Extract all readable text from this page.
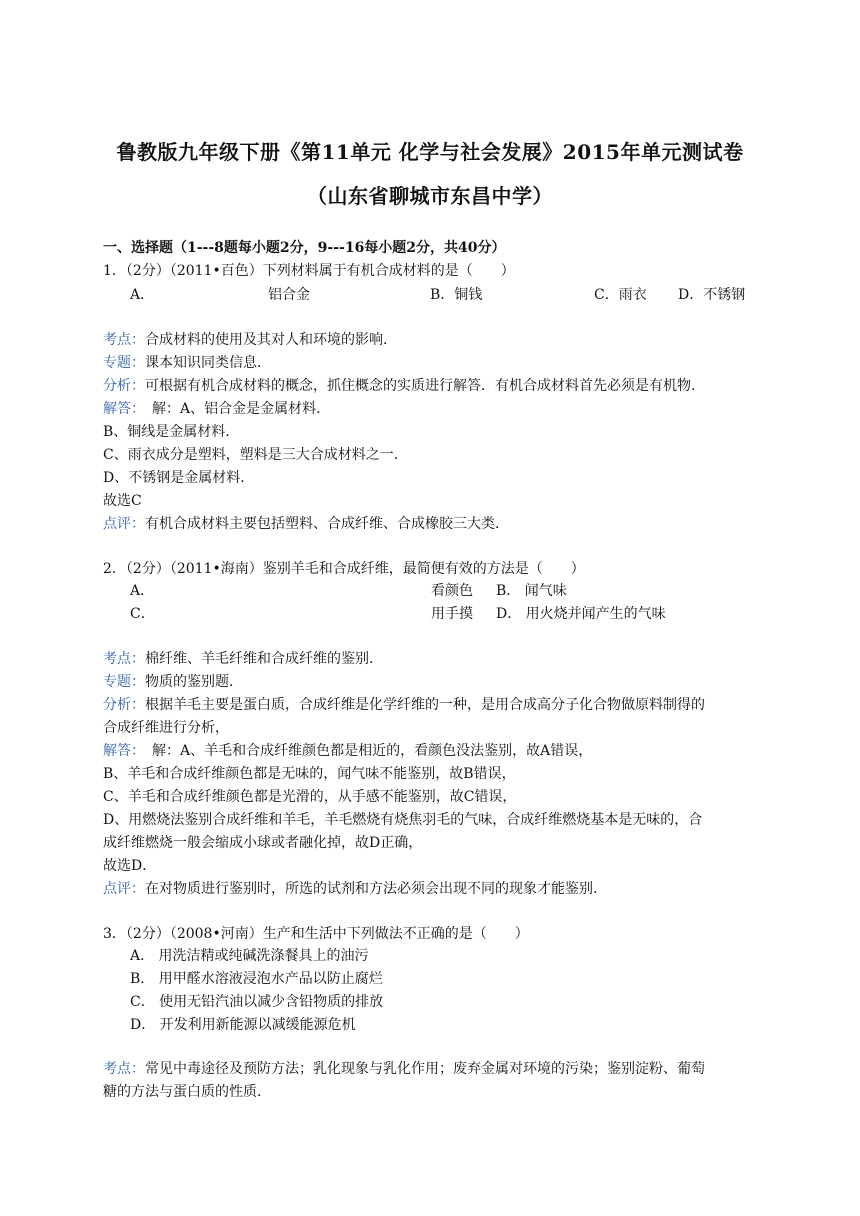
鲁教版九年级下册《第11单元 化学与社会发展》2015年单元测试卷
（山东省聊城市东昌中学）
一、选择题（1---8题每小题2分，9---16每小题2分，共40分）
1．（2分）（2011•百色）下列材料属于有机合成材料的是（　　）
A．	铝合金	B．铜钱	C．雨衣 D．不锈钢
考点：合成材料的使用及其对人和环境的影响．
专题：课本知识同类信息．
分析：可根据有机合成材料的概念，抓住概念的实质进行解答．有机合成材料首先必须是有机物．
解答：　解：A、铝合金是金属材料．
B、铜线是金属材料．
C、雨衣成分是塑料，塑料是三大合成材料之一．
D、不锈钢是金属材料．
故选C
点评：有机合成材料主要包括塑料、合成纤维、合成橡胶三大类．
2．（2分）（2011•海南）鉴别羊毛和合成纤维，最简便有效的方法是（　　）
A．	看颜色 B． 闻气味
C．	用手摸 D． 用火烧并闻产生的气味
考点：棉纤维、羊毛纤维和合成纤维的鉴别．
专题：物质的鉴别题．
分析：根据羊毛主要是蛋白质，合成纤维是化学纤维的一种，是用合成高分子化合物做原料制得的
合成纤维进行分析，
解答：　解：A、羊毛和合成纤维颜色都是相近的，看颜色没法鉴别，故A错误，
B、羊毛和合成纤维颜色都是无味的，闻气味不能鉴别，故B错误，
C、羊毛和合成纤维颜色都是光滑的，从手感不能鉴别，故C错误，
D、用燃烧法鉴别合成纤维和羊毛，羊毛燃烧有烧焦羽毛的气味，合成纤维燃烧基本是无味的，合
成纤维燃烧一般会缩成小球或者融化掉，故D正确，
故选D．
点评：在对物质进行鉴别时，所选的试剂和方法必须会出现不同的现象才能鉴别．
3．（2分）（2008•河南）生产和生活中下列做法不正确的是（　　）
A． 用洗洁精或纯碱洗涤餐具上的油污
B． 用甲醛水溶液浸泡水产品以防止腐烂
C． 使用无铅汽油以减少含铅物质的排放
D． 开发利用新能源以减缓能源危机
考点：常见中毒途径及预防方法；乳化现象与乳化作用；废弃金属对环境的污染；鉴别淀粉、葡萄
糖的方法与蛋白质的性质．
